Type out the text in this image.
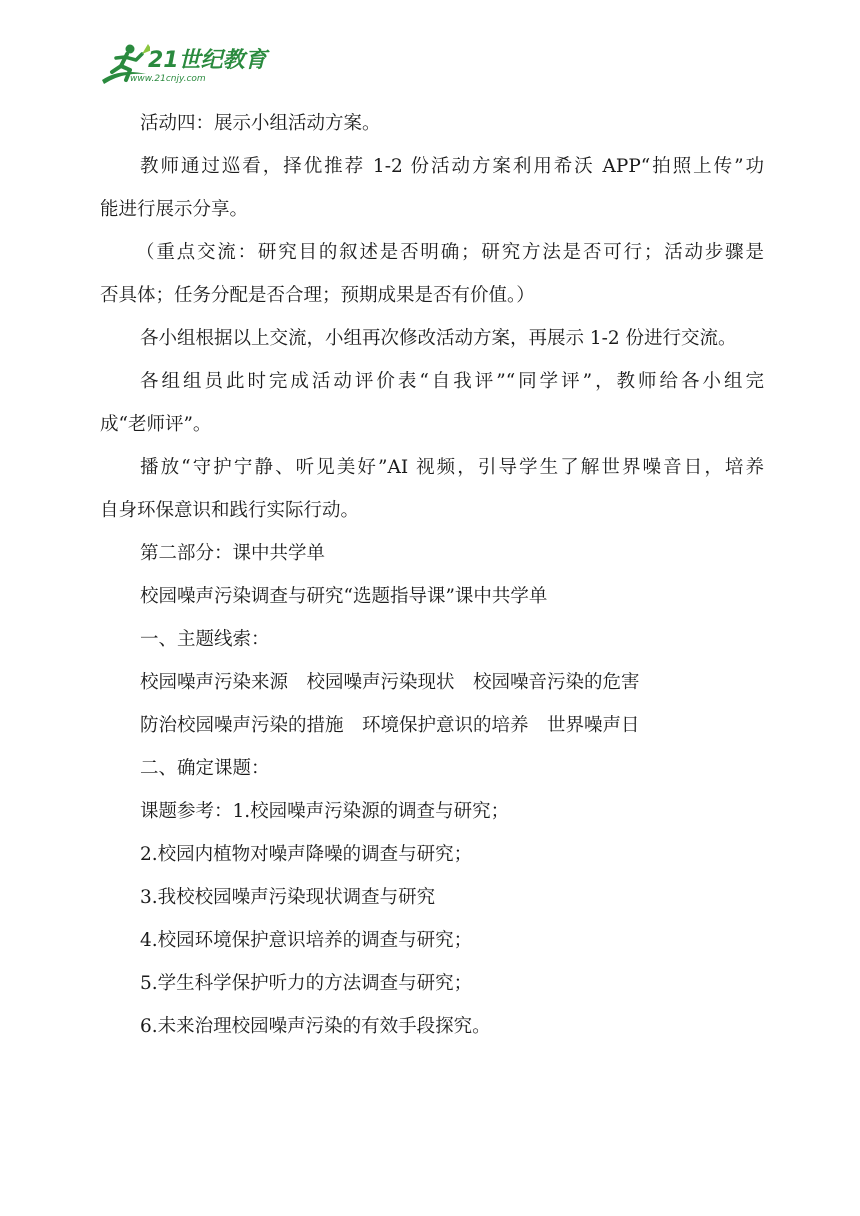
21世纪教育
www.21cnjy.com

活动四：展示小组活动方案。

教师通过巡看，择优推荐 1-2 份活动方案利用希沃 APP“拍照上传”功

能进行展示分享。

（重点交流：研究目的叙述是否明确；研究方法是否可行；活动步骤是

否具体；任务分配是否合理；预期成果是否有价值。）

各小组根据以上交流，小组再次修改活动方案，再展示 1-2 份进行交流。

各组组员此时完成活动评价表“自我评”“同学评”，教师给各小组完

成“老师评”。

播放“守护宁静、听见美好”AI 视频，引导学生了解世界噪音日，培养

自身环保意识和践行实际行动。

第二部分：课中共学单

校园噪声污染调查与研究“选题指导课”课中共学单

一、主题线索：

校园噪声污染来源　校园噪声污染现状　校园噪音污染的危害

防治校园噪声污染的措施　环境保护意识的培养　世界噪声日

二、确定课题：

课题参考：1.校园噪声污染源的调查与研究；

2.校园内植物对噪声降噪的调查与研究；

3.我校校园噪声污染现状调查与研究

4.校园环境保护意识培养的调查与研究；

5.学生科学保护听力的方法调查与研究；

6.未来治理校园噪声污染的有效手段探究。
